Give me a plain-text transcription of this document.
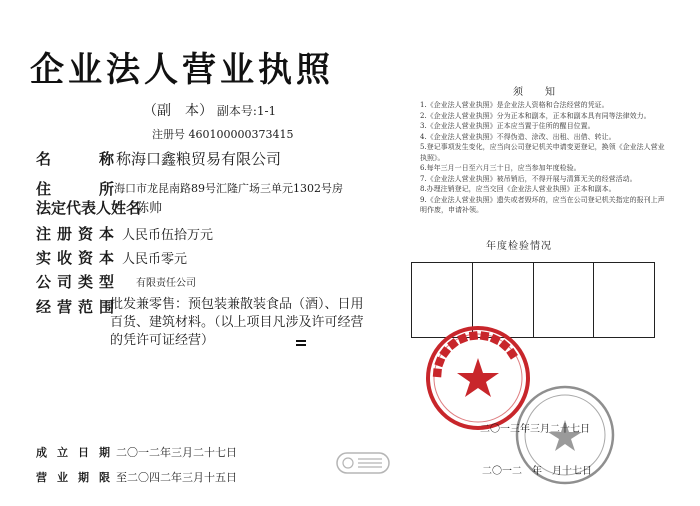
企业法人营业执照
（副　本） 副本号:1-1
注册号 460100000373415
名　　称
称海口鑫粮贸易有限公司
住　　所
海口市龙昆南路89号汇隆广场三单元1302号房
法定代表人姓名
陈帅
注册资本 人民币伍拾万元
实收资本 人民币零元
公司类型 有限责任公司
经营范围
批发兼零售：预包装兼散装食品（酒）、日用百货、建筑材料。（以上项目凡涉及许可经营的凭许可证经营）
成立日期
二〇一二年三月二十七日
营业期限
至二〇四二年三月十五日
须　知
1.《企业法人营业执照》是企业法人资格和合法经营的凭证。
2.《企业法人营业执照》分为正本和副本，正本和副本具有同等法律效力。
3.《企业法人营业执照》正本应当置于住所的醒目位置。
4.《企业法人营业执照》不得伪造、涂改、出租、出借、转让。
5.登记事项发生变化，应当向公司登记机关申请变更登记，换领《企业法人营业执照》。
6.每年三月一日至六月三十日，应当参加年度检验。
7.《企业法人营业执照》被吊销后，不得开展与清算无关的经营活动。
8.办理注销登记，应当交回《企业法人营业执照》正本和副本。
9.《企业法人营业执照》遗失或者毁坏的，应当在公司登记机关指定的报刊上声明作废，申请补领。
年度检验情况
■■■■■■■■■■
二〇一三年三月二十七日
二〇一二　年　月十七日
